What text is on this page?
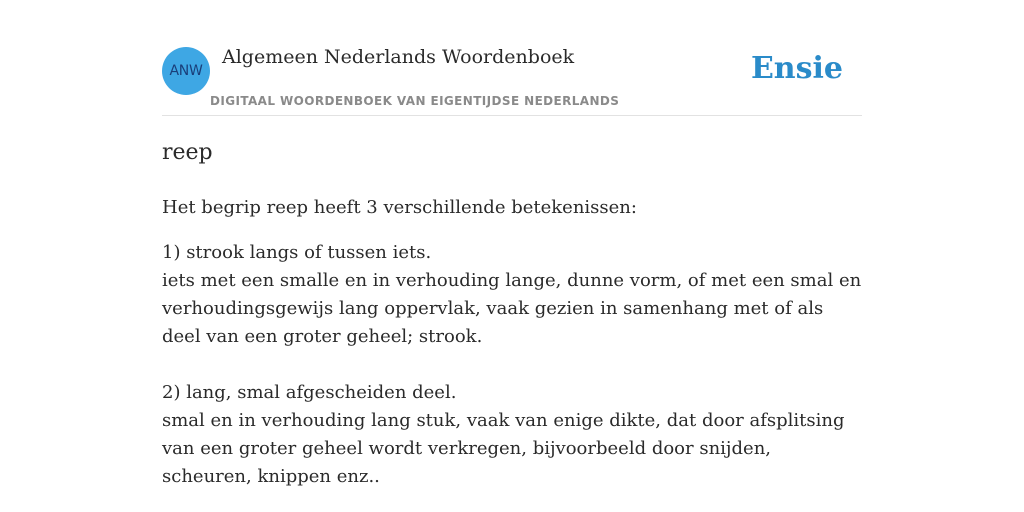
ANW
Algemeen Nederlands Woordenboek
DIGITAAL WOORDENBOEK VAN EIGENTIJDSE NEDERLANDS
Ensie
reep

Het begrip reep heeft 3 verschillende betekenissen:

1) strook langs of tussen iets.
iets met een smalle en in verhouding lange, dunne vorm, of met een smal en verhoudingsgewijs lang oppervlak, vaak gezien in samenhang met of als deel van een groter geheel; strook.
2) lang, smal afgescheiden deel.
smal en in verhouding lang stuk, vaak van enige dikte, dat door afsplitsing van een groter geheel wordt verkregen, bijvoorbeeld door snijden, scheuren, knippen enz..
